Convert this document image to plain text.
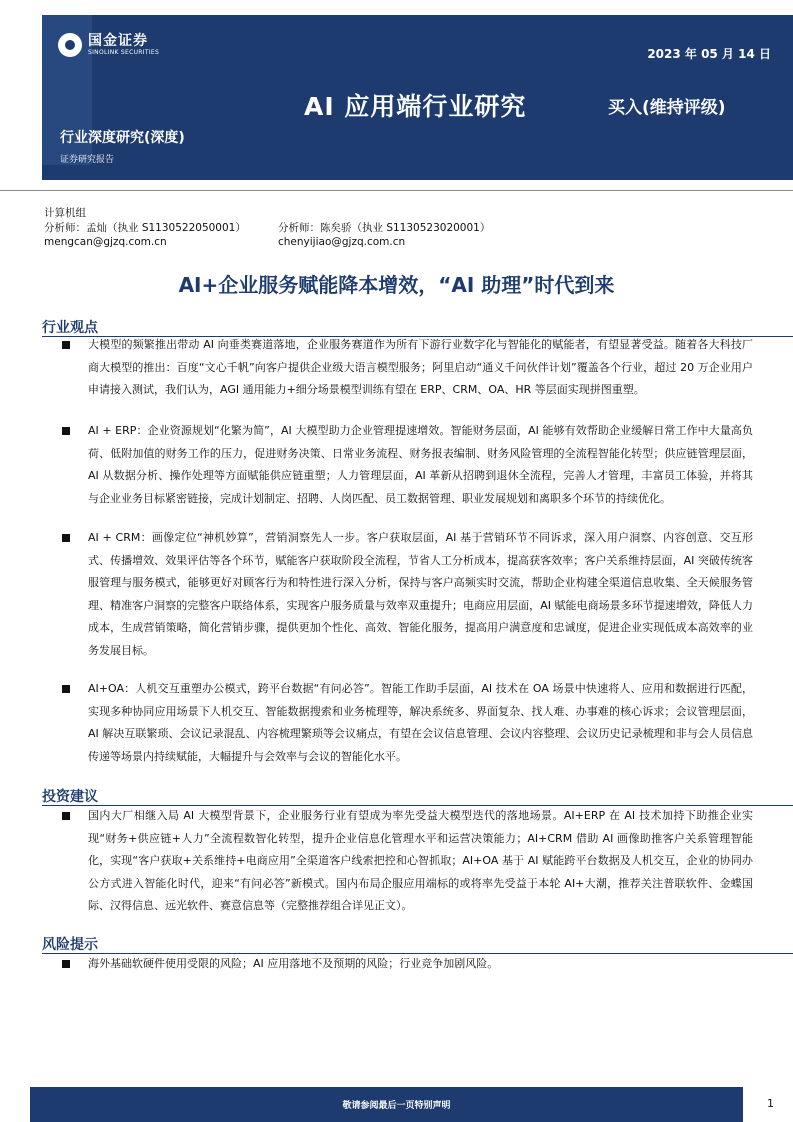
国金证券
SINOLINK SECURITIES	2023 年 05 月 14 日
AI 应用端行业研究	买入(维持评级)
行业深度研究(深度)
证券研究报告
计算机组
分析师：孟灿（执业 S1130522050001）	分析师：陈矣骄（执业 S1130523020001）
mengcan@gjzq.com.cn	chenyijiao@gjzq.com.cn
AI+企业服务赋能降本增效，“AI 助理”时代到来
行业观点
大模型的频繁推出带动 AI 向垂类赛道落地，企业服务赛道作为所有下游行业数字化与智能化的赋能者，有望显著受益。随着各大科技厂商大模型的推出：百度“文心千帆”向客户提供企业级大语言模型服务；阿里启动“通义千问伙伴计划”覆盖各个行业，超过 20 万企业用户申请接入测试，我们认为，AGI 通用能力+细分场景模型训练有望在 ERP、CRM、OA、HR 等层面实现拼图重塑。
AI + ERP：企业资源规划“化繁为简”，AI 大模型助力企业管理提速增效。智能财务层面，AI 能够有效帮助企业缓解日常工作中大量高负荷、低附加值的财务工作的压力，促进财务决策、日常业务流程、财务报表编制、财务风险管理的全流程智能化转型；供应链管理层面，AI 从数据分析、操作处理等方面赋能供应链重塑；人力管理层面，AI 革新从招聘到退休全流程，完善人才管理，丰富员工体验，并将其与企业业务目标紧密链接，完成计划制定、招聘、人岗匹配、员工数据管理、职业发展规划和离职多个环节的持续优化。
AI + CRM：画像定位“神机妙算”，营销洞察先人一步。客户获取层面，AI 基于营销环节不同诉求，深入用户洞察、内容创意、交互形式、传播增效、效果评估等各个环节，赋能客户获取阶段全流程，节省人工分析成本，提高获客效率；客户关系维持层面，AI 突破传统客服管理与服务模式，能够更好对顾客行为和特性进行深入分析，保持与客户高频实时交流，帮助企业构建全渠道信息收集、全天候服务管理、精准客户洞察的完整客户联络体系，实现客户服务质量与效率双重提升；电商应用层面，AI 赋能电商场景多环节提速增效，降低人力成本，生成营销策略，简化营销步骤，提供更加个性化、高效、智能化服务，提高用户满意度和忠诚度，促进企业实现低成本高效率的业务发展目标。
AI+OA：人机交互重塑办公模式，跨平台数据“有问必答”。智能工作助手层面，AI 技术在 OA 场景中快速将人、应用和数据进行匹配，实现多种协同应用场景下人机交互、智能数据搜索和业务梳理等，解决系统多、界面复杂、找人难、办事难的核心诉求；会议管理层面，AI 解决互联繁琐、会议记录混乱、内容梳理繁琐等会议痛点，有望在会议信息管理、会议内容整理、会议历史记录梳理和非与会人员信息传递等场景内持续赋能，大幅提升与会效率与会议的智能化水平。
投资建议
国内大厂相继入局 AI 大模型背景下，企业服务行业有望成为率先受益大模型迭代的落地场景。AI+ERP 在 AI 技术加持下助推企业实现“财务+供应链+人力”全流程数智化转型，提升企业信息化管理水平和运营决策能力；AI+CRM 借助 AI 画像助推客户关系管理智能化，实现“客户获取+关系维持+电商应用”全渠道客户线索把控和心智抓取；AI+OA 基于 AI 赋能跨平台数据及人机交互，企业的协同办公方式进入智能化时代，迎来“有问必答”新模式。国内布局企服应用端标的或将率先受益于本轮 AI+大潮，推荐关注普联软件、金蝶国际、汉得信息、远光软件、赛意信息等（完整推荐组合详见正文）。
风险提示
海外基础软硬件使用受限的风险；AI 应用落地不及预期的风险；行业竞争加剧风险。
敬请参阅最后一页特别声明	1
